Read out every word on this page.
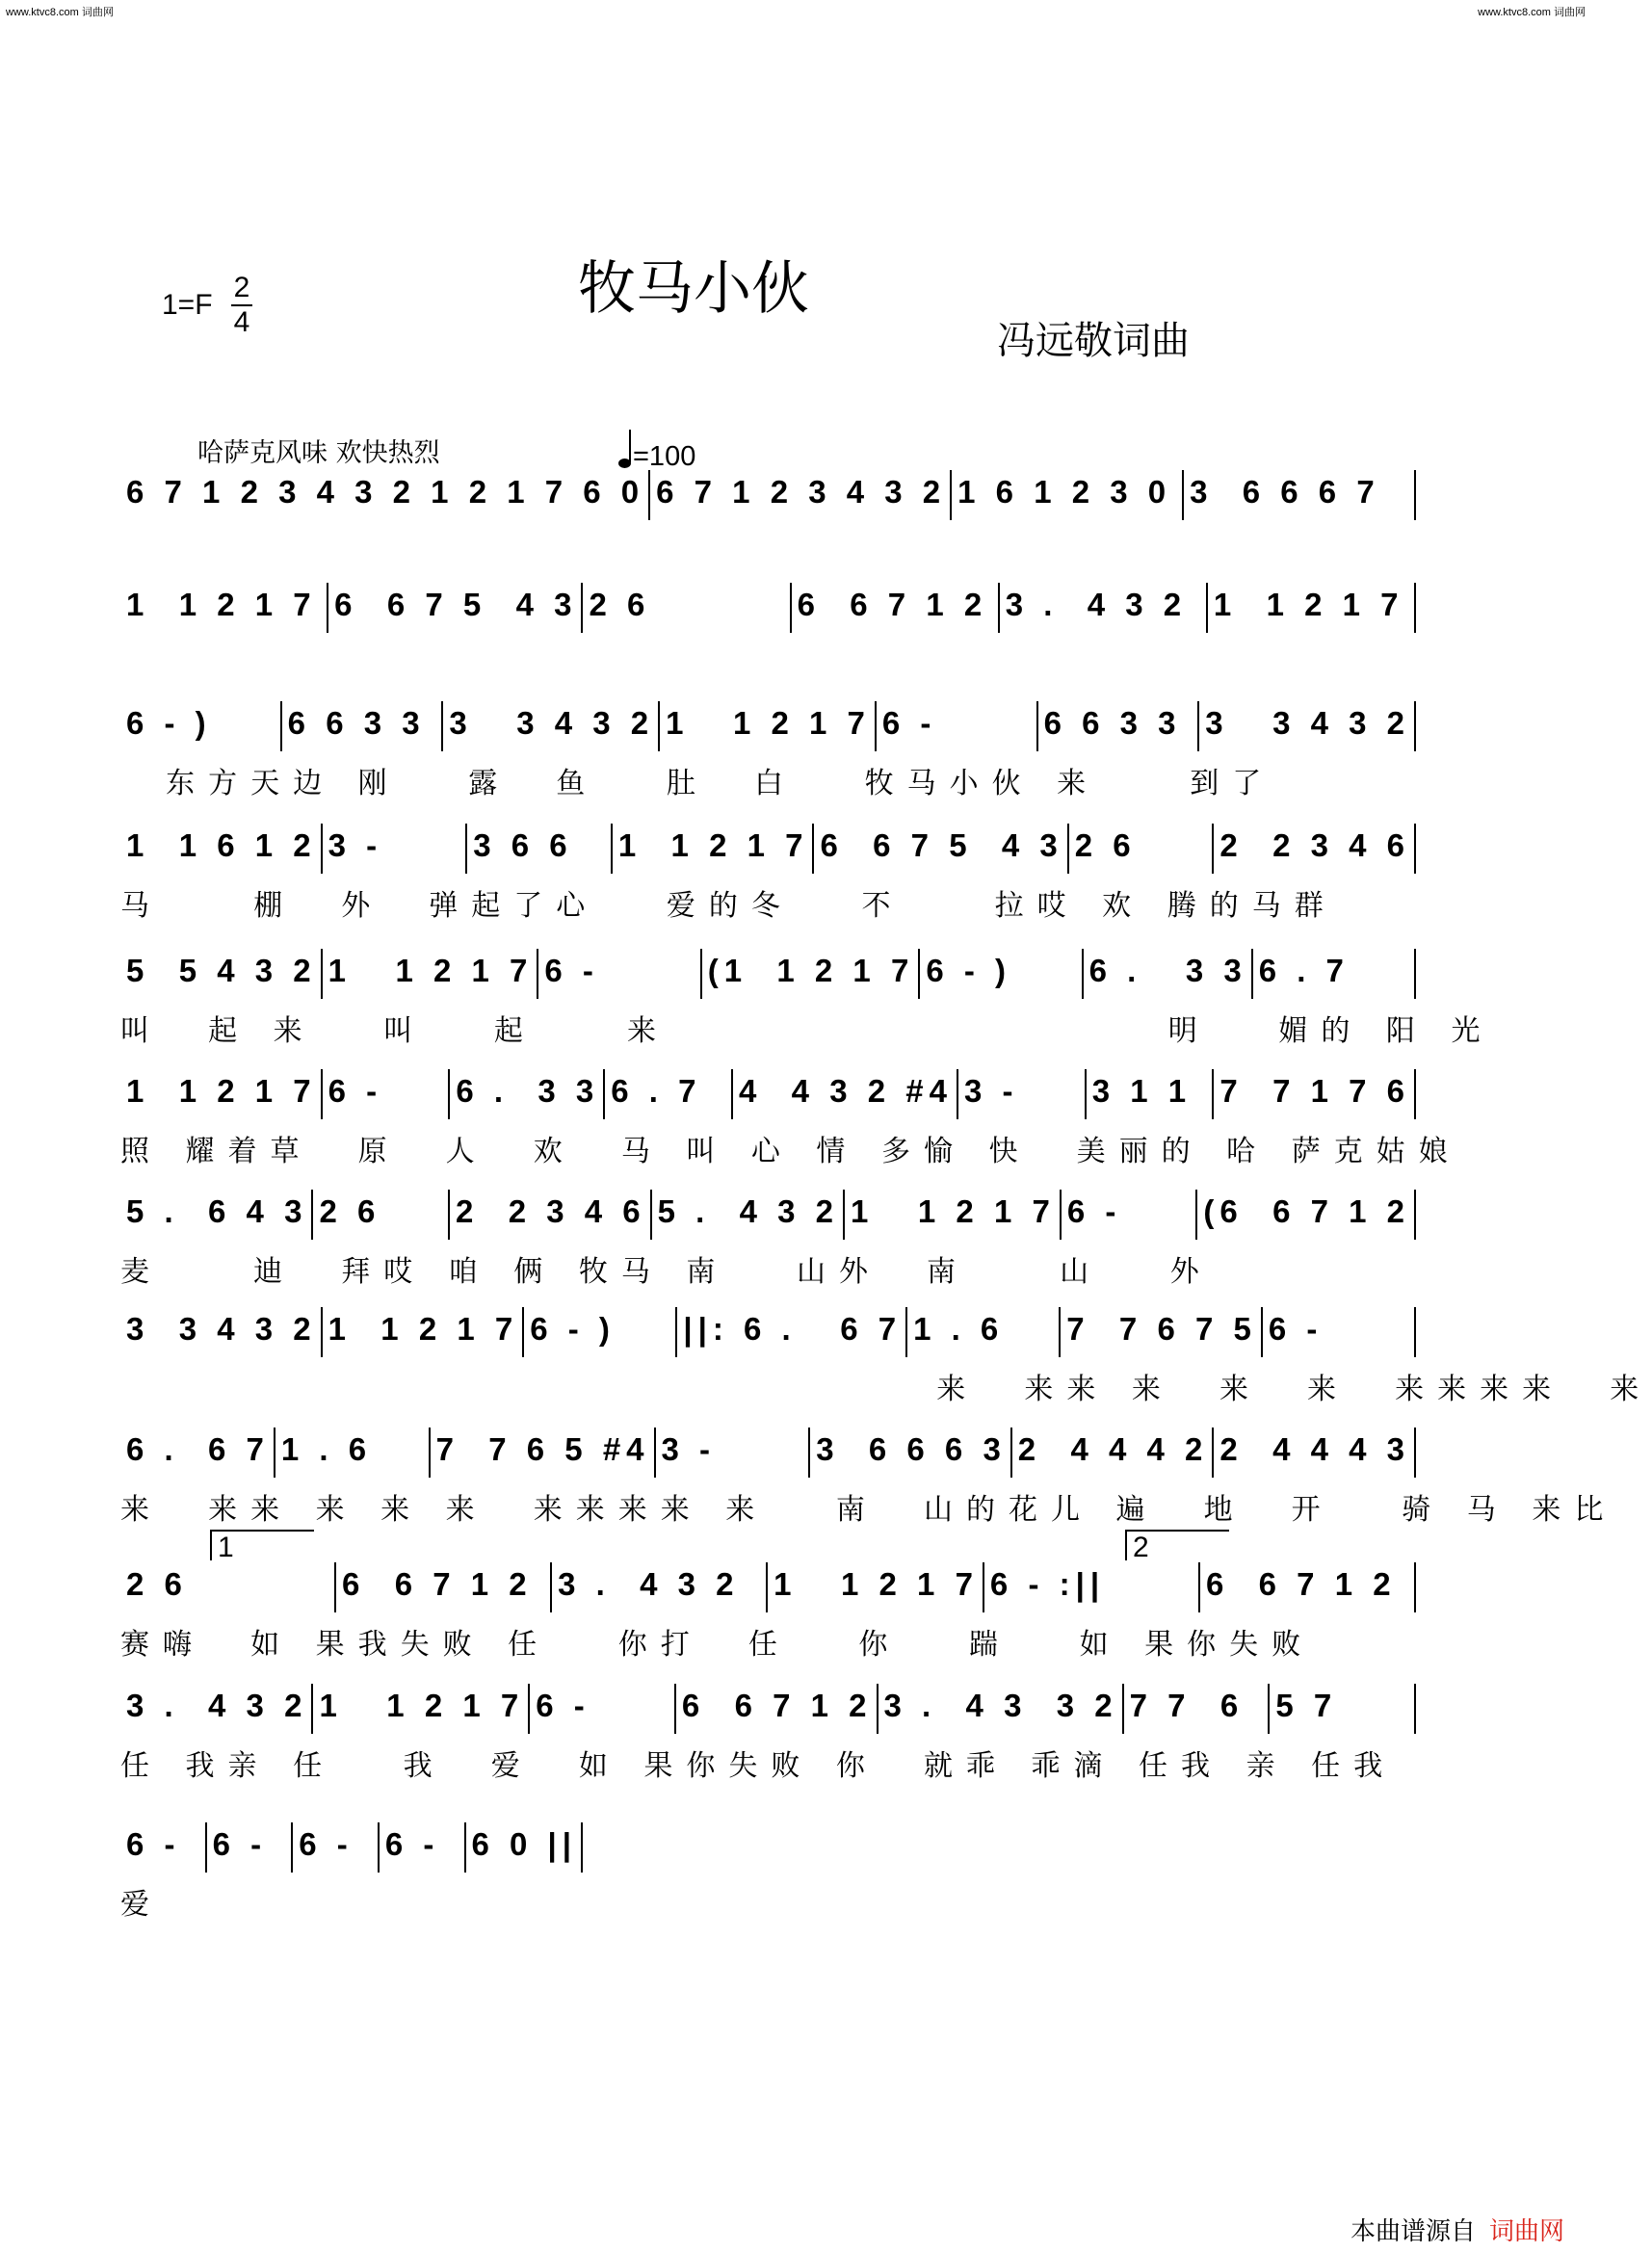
www.ktvc8.com 词曲网	www.ktvc8.com 词曲网
1=F
2
4	牧马小伙
冯远敬词曲
哈萨克风味 欢快热烈	=100
6 7 1 2 3 4 3 2 1 2 1 7 6 0 6 7 1 2 3 4 3 2 1 6 1 2 3 0 3  6 6 6 7
1  1 2 1 7 6  6 7 5  4 3 2 6	6  6 7 1 2 3 .  4 3 2 1  1 2 1 7
6 - )	6 6 3 3 3   3 4 3 2 1   1 2 1 7 6 -	6 6 3 3 3   3 4 3 2
东方天边 刚   露  鱼   肚  白   牧马小伙 来    到了
1  1 6 1 2 3 -	3 6 6	1  1 2 1 7 6  6 7 5  4 3 2 6	2  2 3 4 6
马    棚  外  弹起了心   爱的冬   不    拉哎 欢 腾的马群
5  5 4 3 2 1   1 2 1 7 6 -	(1  1 2 1 7 6 - )	6 .   3 3 6 . 7
叫  起 来   叫   起    来                      明   媚的 阳 光
1  1 2 1 7 6 -	6 .  3 3 6 . 7	4  4 3 2 #4 3 -	3 1 1 7  7 1 7 6
照 耀着草  原  人  欢  马 叫 心 情 多愉 快  美丽的 哈 萨克姑娘
5 .  6 4 3 2 6	2  2 3 4 6 5 .  4 3 2 1   1 2 1 7 6 -	(6  6 7 1 2
麦    迪  拜哎 咱 俩 牧马 南   山外  南    山   外
3  3 4 3 2 1  1 2 1 7 6 - )	||: 6 .   6 7 1 . 6	7  7 6 7 5 6 -
来  来来 来  来  来  来来来来  来
6 .  6 7 1 . 6	7  7 6 5 #4 3 -	3  6 6 6 3 2  4 4 4 2 2  4 4 4 3
来  来来 来 来 来  来来来来 来   南  山的花儿 遍  地  开   骑 马 来比
2 6	6  6 7 1 2 3 .  4 3 2	1   1 2 1 7 6 - :||	6  6 7 1 2
赛嗨  如 果我失败 任   你打  任   你   踹   如 果你失败
3 .  4 3 2 1   1 2 1 7 6 -	6  6 7 1 2 3 .  4 3  3 2 7 7  6	5 7
任 我亲 任   我  爱  如 果你失败 你  就乖 乖滴 任我 亲 任我
6 -	6 -	6 -	6 -	6 0 ||
爱
1	2
本曲谱源自 词曲网
